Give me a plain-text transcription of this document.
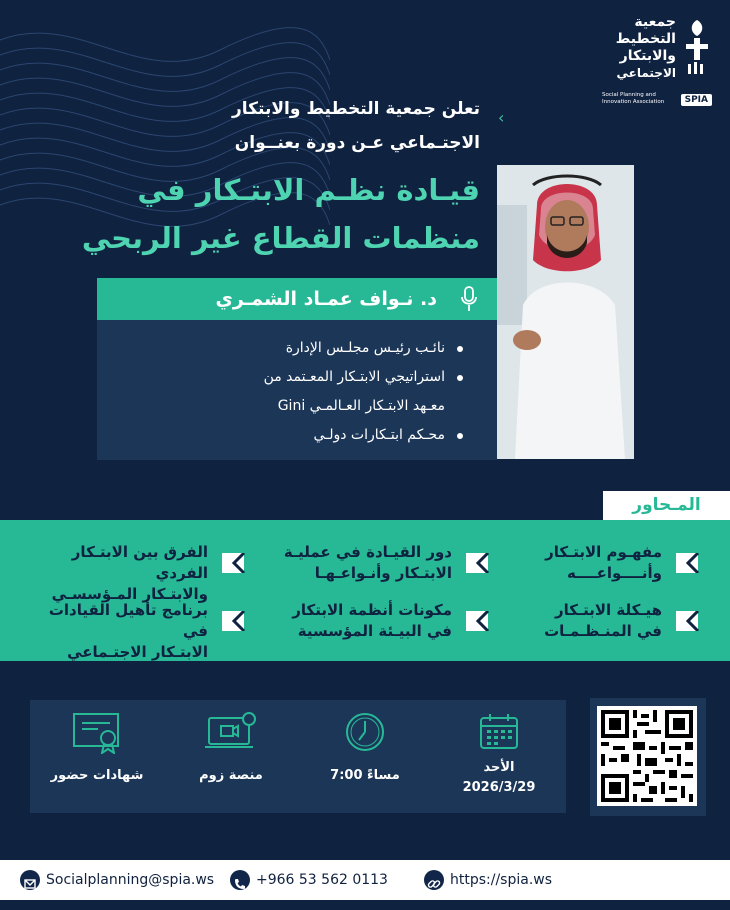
جمعية
التخطيط
والابتكار
الاجتماعي
Social Planning and Innovation Association	SPIA
‹
تعلن جمعية التخطيط والابتكار
الاجتـماعي عـن دورة بعنــوان
قيـادة نظـم الابتـكار في
منظمات القطاع غير الربحي
د. نـواف عمـاد الشمـري
نائـب رئيـس مجلـس الإدارة
استراتيجي الابتـكار المعـتمد من
معـهد الابتـكار العـالمـي Gini
محـكم ابتـكارات دولـي
المـحاور
مفهـوم الابتـكار
وأنــــواعــــه
دور القيـادة في عمليـة
الابتـكار وأنـواعـهـا
الفرق بين الابتـكار الفردي
والابتـكار المـؤسسـي
هيـكلة الابتـكار
في المنـظـمـات
مكونات أنظمة الابتكار
في البيـئة المؤسسية
برنامج تأهيل القيادات في
الابتـكار الاجتـماعي 2026
الأحد
2026/3/29
7:00 مساءً
منصة زوم
شهادات حضور
Socialplanning@spia.ws	+966 53 562 0113	https://spia.ws
